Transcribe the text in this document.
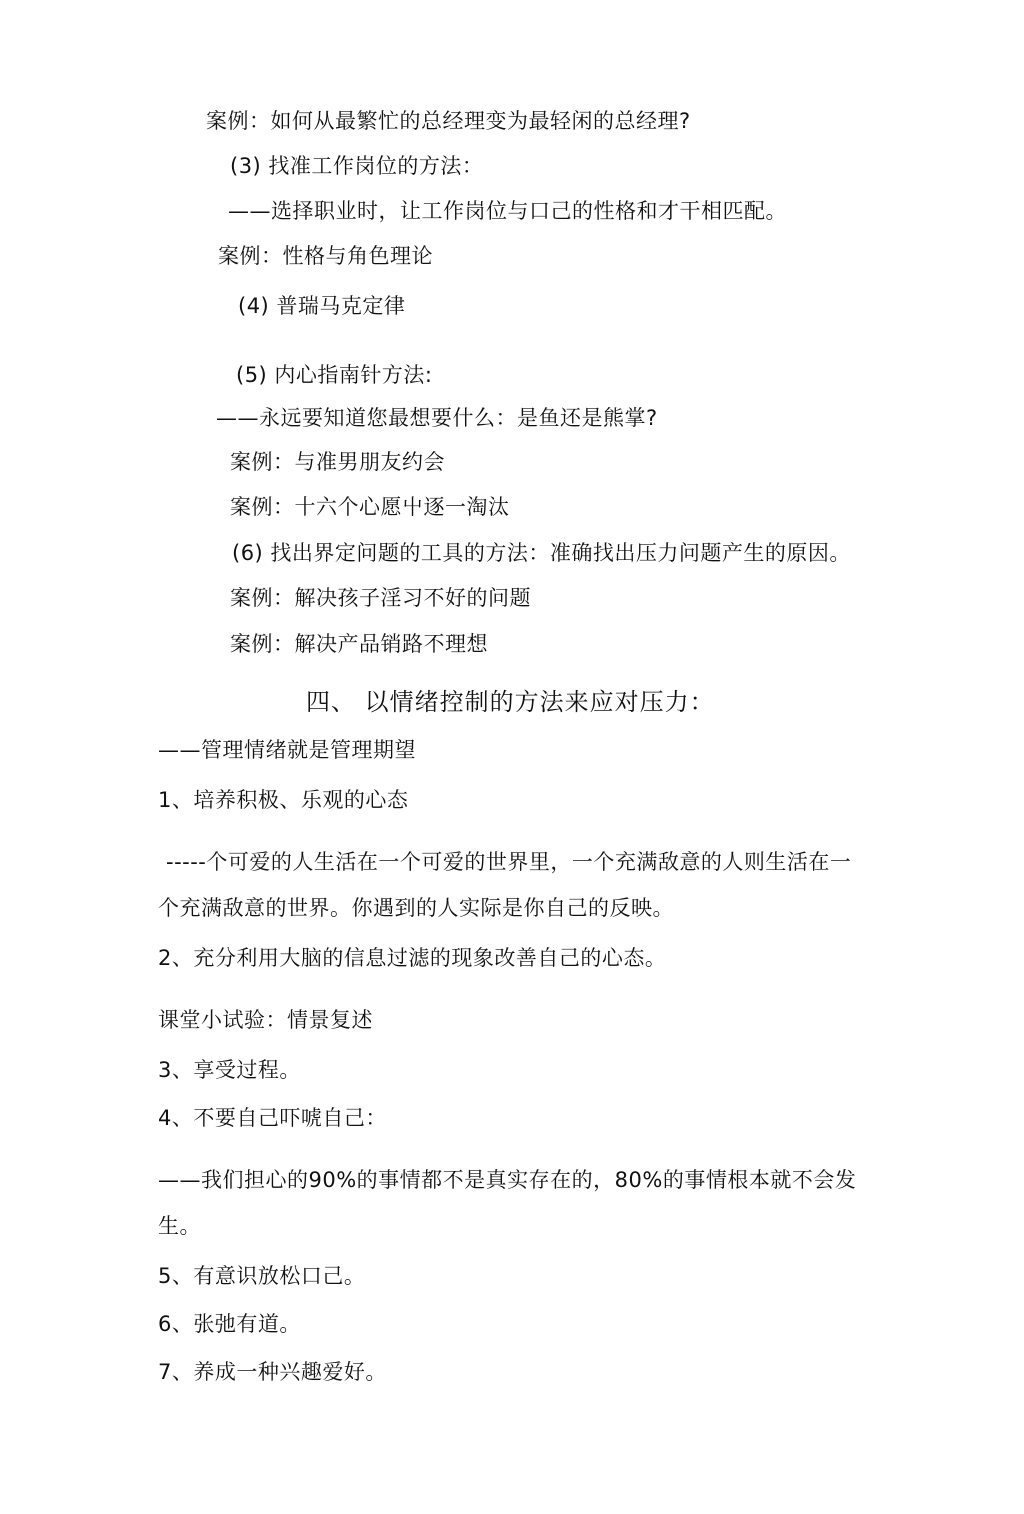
案例：如何从最繁忙的总经理变为最轻闲的总经理?
(3) 找准工作岗位的方法：
——选择职业时，让工作岗位与口己的性格和才干相匹配。
案例：性格与角色理论
(4) 普瑞马克定律
(5) 内心指南针方法:
——永远要知道您最想要什么：是鱼还是熊掌?
案例：与准男朋友约会
案例：十六个心愿屮逐一淘汰
(6) 找出界定问题的工具的方法：准确找出压力问题产生的原因。
案例：解决孩子淫习不好的问题
案例：解决产品销路不理想
四、 以情绪控制的方法来应对压力：
——管理情绪就是管理期望
1、培养积极、乐观的心态
-----个可爱的人生活在一个可爱的世界里，一个充满敌意的人则生活在一
个充满敌意的世界。你遇到的人实际是你自己的反映。
2、充分利用大脑的信息过滤的现象改善自己的心态。
课堂小试验：情景复述
3、享受过程。
4、不要自己吓唬自己：
——我们担心的90%的事情都不是真实存在的，80%的事情根本就不会发
生。
5、有意识放松口己。
6、张弛有道。
7、养成一种兴趣爱好。
